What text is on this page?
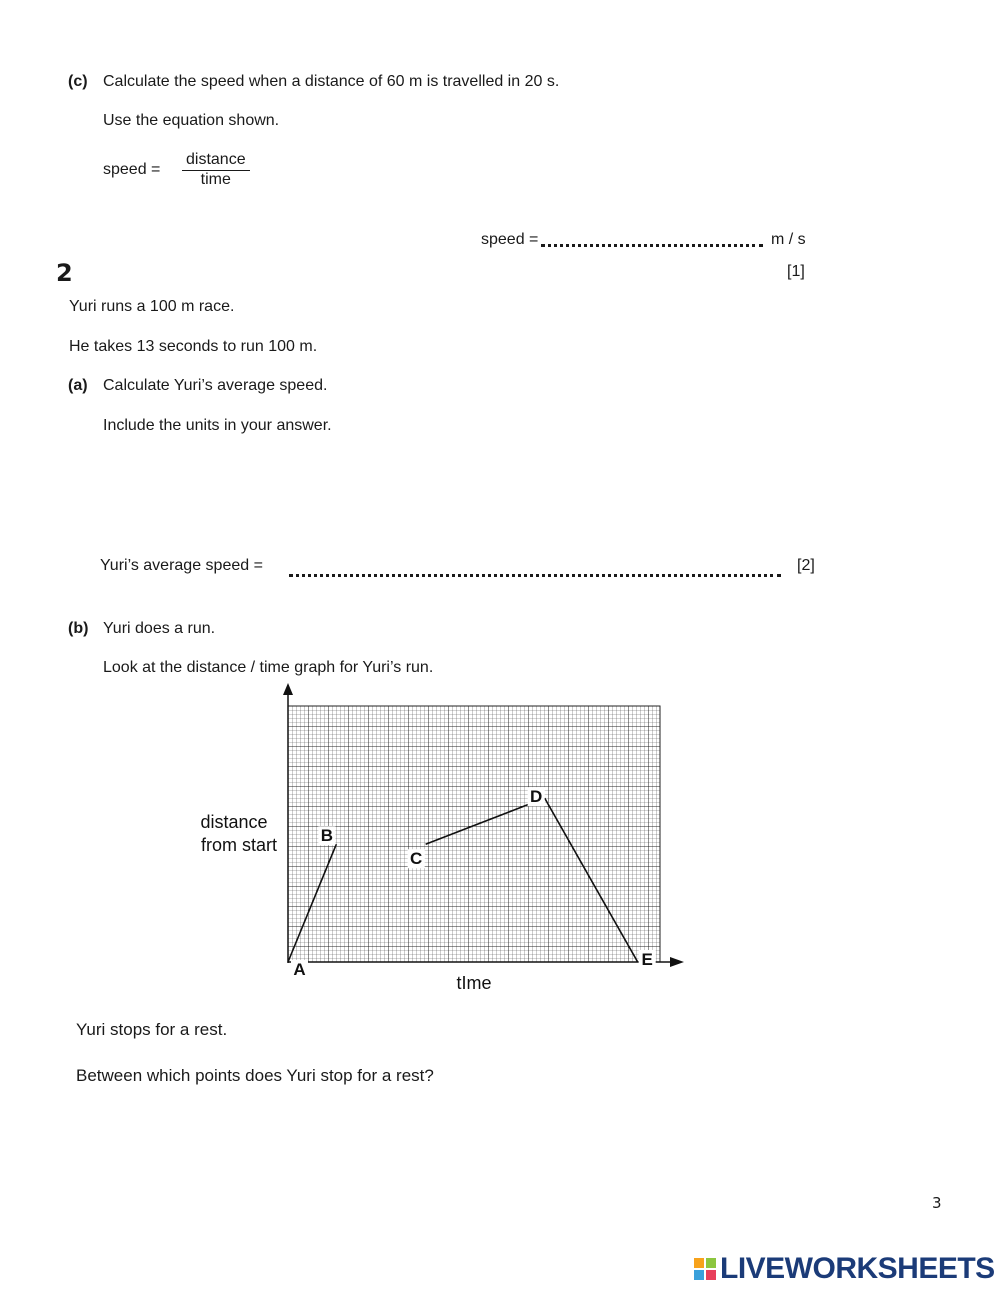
(c) Calculate the speed when a distance of 60 m is travelled in 20 s.
Use the equation shown.
speed =
distance
time
speed =	m / s
[1]
2
Yuri runs a 100 m race.
He takes 13 seconds to run 100 m.
(a) Calculate Yuri’s average speed.
Include the units in your answer.
Yuri’s average speed =	[2]
(b) Yuri does a run.
Look at the distance / time graph for Yuri’s run.
distance
from start
tIme
A
B
C
D
E
Yuri stops for a rest.
Between which points does Yuri stop for a rest?
3
LIVEWORKSHEETS
